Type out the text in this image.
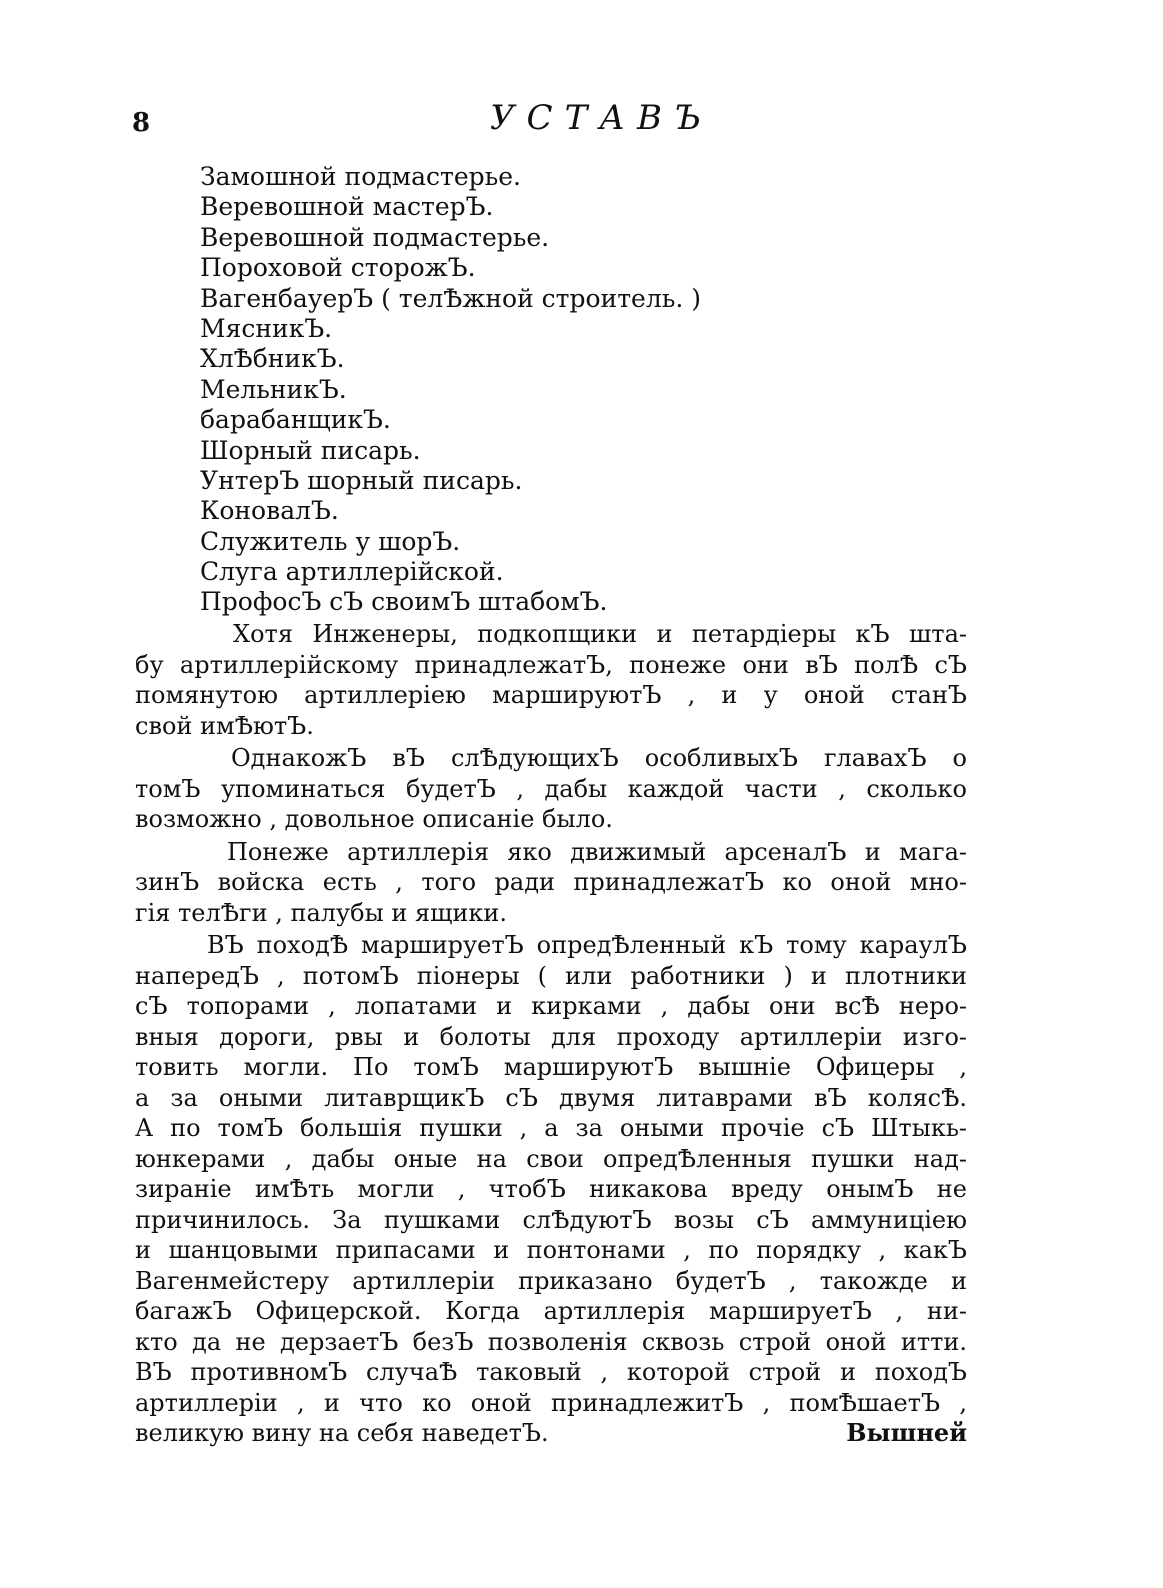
8	УСТАВЪ
Замошной подмастерье.
Веревошной мастерЪ.
Веревошной подмастерье.
Пороховой сторожЪ.
ВагенбауерЪ ( телѢжной строитель. )
МясникЪ.
ХлѢбникЪ.
МельникЪ.
барабанщикЪ.
Шорный писарь.
УнтерЪ шорный писарь.
КоновалЪ.
Служитель у шорЪ.
Слуга артиллерiйской.
ПрофосЪ сЪ своимЪ штабомЪ.
Хотя Инженеры, подкопщики и петардiеры кЪ шта-
бу артиллерiйскому принадлежатЪ, понеже они вЪ полѢ сЪ
помянутою артиллерiею маршируютЪ , и у оной станЪ
свой имѢютЪ.
ОднакожЪ вЪ слѢдующихЪ особливыхЪ главахЪ о
томЪ упоминаться будетЪ , дабы каждой части , сколько
возможно , довольное описанiе было.
Понеже артиллерiя яко движимый арсеналЪ и мага-
зинЪ войска есть , того ради принадлежатЪ ко оной мно-
гiя телѢги , палубы и ящики.
ВЪ походѢ маршируетЪ опредѢленный кЪ тому караулЪ
напередЪ , потомЪ пiонеры ( или работники ) и плотники
сЪ топорами , лопатами и кирками , дабы они всѢ неро-
вныя дороги, рвы и болоты для проходу артиллерiи изго-
товить могли. По томЪ маршируютЪ вышнiе Офицеры ,
а за оными литаврщикЪ сЪ двумя литаврами вЪ колясѢ.
А по томЪ большiя пушки , а за оными прочiе сЪ Штыкь-
юнкерами , дабы оные на свои опредѢленныя пушки над-
зиранiе имѢть могли , чтобЪ никакова вреду онымЪ не
причинилось. За пушками слѢдуютЪ возы сЪ аммуницiею
и шанцовыми припасами и понтонами , по порядку , какЪ
Вагенмейстеру артиллерiи приказано будетЪ , такожде и
багажЪ Офицерской. Когда артиллерiя маршируетЪ , ни-
кто да не дерзаетЪ безЪ позволенiя сквозь строй оной итти.
ВЪ противномЪ случаѢ таковый , которой строй и походЪ
артиллерiи , и что ко оной принадлежитЪ , помѢшаетЪ ,
великую вину на себя наведетЪ.	Вышней
